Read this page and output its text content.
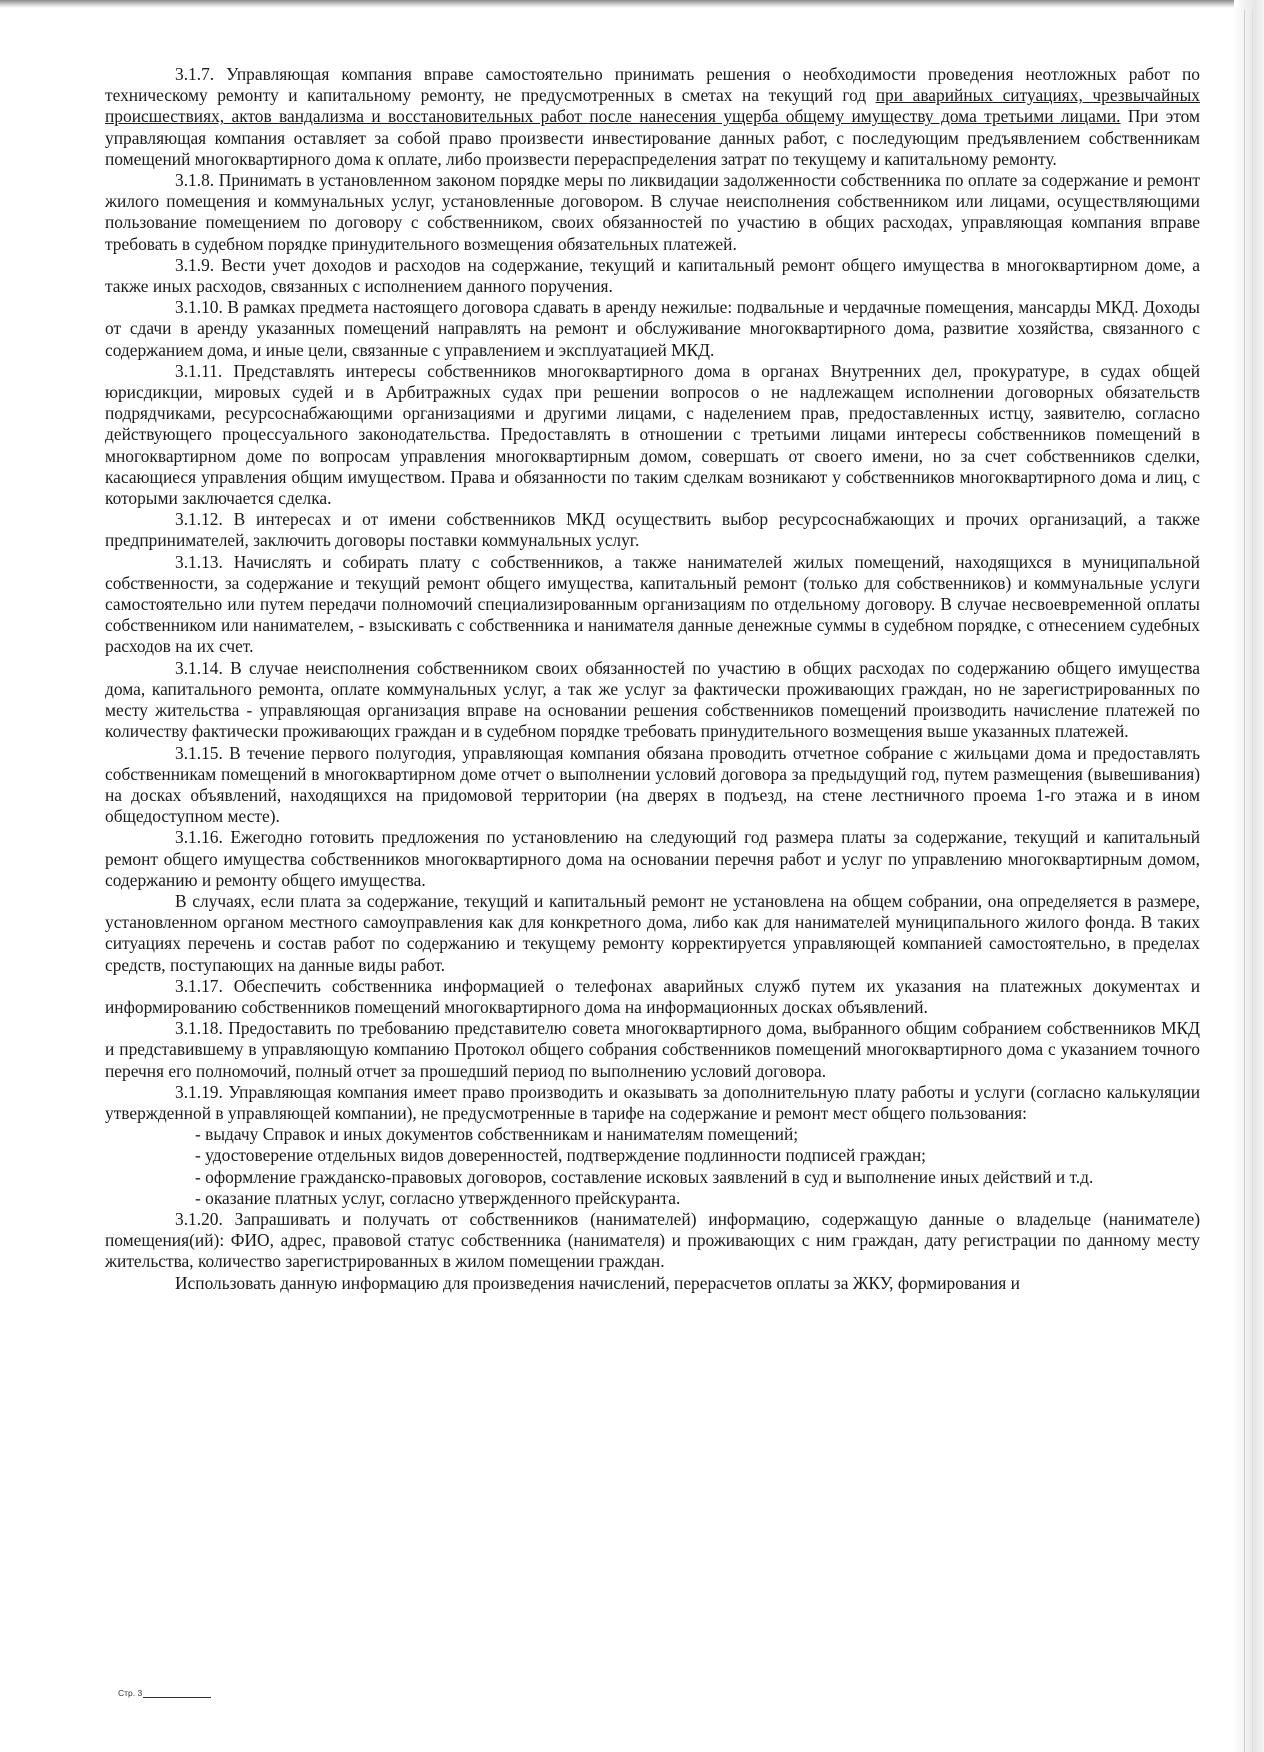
3.1.7. Управляющая компания вправе самостоятельно принимать решения о необходимости проведения неотложных работ по техническому ремонту и капитальному ремонту, не предусмотренных в сметах на текущий год при аварийных ситуациях, чрезвычайных происшествиях, актов вандализма и восстановительных работ после нанесения ущерба общему имуществу дома третьими лицами. При этом управляющая компания оставляет за собой право произвести инвестирование данных работ, с последующим предъявлением собственникам помещений многоквартирного дома к оплате, либо произвести перераспределения затрат по текущему и капитальному ремонту.

3.1.8. Принимать в установленном законом порядке меры по ликвидации задолженности собственника по оплате за содержание и ремонт жилого помещения и коммунальных услуг, установленные договором. В случае неисполнения собственником или лицами, осуществляющими пользование помещением по договору с собственником, своих обязанностей по участию в общих расходах, управляющая компания вправе требовать в судебном порядке принудительного возмещения обязательных платежей.

3.1.9. Вести учет доходов и расходов на содержание, текущий и капитальный ремонт общего имущества в многоквартирном доме, а также иных расходов, связанных с исполнением данного поручения.

3.1.10. В рамках предмета настоящего договора сдавать в аренду нежилые: подвальные и чердачные помещения, мансарды МКД. Доходы от сдачи в аренду указанных помещений направлять на ремонт и обслуживание многоквартирного дома, развитие хозяйства, связанного с содержанием дома, и иные цели, связанные с управлением и эксплуатацией МКД.

3.1.11. Представлять интересы собственников многоквартирного дома в органах Внутренних дел, прокуратуре, в судах общей юрисдикции, мировых судей и в Арбитражных судах при решении вопросов о не надлежащем исполнении договорных обязательств подрядчиками, ресурсоснабжающими организациями и другими лицами, с наделением прав, предоставленных истцу, заявителю, согласно действующего процессуального законодательства. Предоставлять в отношении с третьими лицами интересы собственников помещений в многоквартирном доме по вопросам управления многоквартирным домом, совершать от своего имени, но за счет собственников сделки, касающиеся управления общим имуществом. Права и обязанности по таким сделкам возникают у собственников многоквартирного дома и лиц, с которыми заключается сделка.

3.1.12. В интересах и от имени собственников МКД осуществить выбор ресурсоснабжающих и прочих организаций, а также предпринимателей, заключить договоры поставки коммунальных услуг.

3.1.13. Начислять и собирать плату с собственников, а также нанимателей жилых помещений, находящихся в муниципальной собственности, за содержание и текущий ремонт общего имущества, капитальный ремонт (только для собственников) и коммунальные услуги самостоятельно или путем передачи полномочий специализированным организациям по отдельному договору. В случае несвоевременной оплаты собственником или нанимателем, - взыскивать с собственника и нанимателя данные денежные суммы в судебном порядке, с отнесением судебных расходов на их счет.

3.1.14. В случае неисполнения собственником своих обязанностей по участию в общих расходах по содержанию общего имущества дома, капитального ремонта, оплате коммунальных услуг, а так же услуг за фактически проживающих граждан, но не зарегистрированных по месту жительства - управляющая организация вправе на основании решения собственников помещений производить начисление платежей по количеству фактически проживающих граждан и в судебном порядке требовать принудительного возмещения выше указанных платежей.

3.1.15. В течение первого полугодия, управляющая компания обязана проводить отчетное собрание с жильцами дома и предоставлять собственникам помещений в многоквартирном доме отчет о выполнении условий договора за предыдущий год, путем размещения (вывешивания) на досках объявлений, находящихся на придомовой территории (на дверях в подъезд, на стене лестничного проема 1-го этажа и в ином общедоступном месте).

3.1.16. Ежегодно готовить предложения по установлению на следующий год размера платы за содержание, текущий и капитальный ремонт общего имущества собственников многоквартирного дома на основании перечня работ и услуг по управлению многоквартирным домом, содержанию и ремонту общего имущества.

В случаях, если плата за содержание, текущий и капитальный ремонт не установлена на общем собрании, она определяется в размере, установленном органом местного самоуправления как для конкретного дома, либо как для нанимателей муниципального жилого фонда. В таких ситуациях перечень и состав работ по содержанию и текущему ремонту корректируется управляющей компанией самостоятельно, в пределах средств, поступающих на данные виды работ.

3.1.17. Обеспечить собственника информацией о телефонах аварийных служб путем их указания на платежных документах и информированию собственников помещений многоквартирного дома на информационных досках объявлений.

3.1.18. Предоставить по требованию представителю совета многоквартирного дома, выбранного общим собранием собственников МКД и представившему в управляющую компанию Протокол общего собрания собственников помещений многоквартирного дома с указанием точного перечня его полномочий, полный отчет за прошедший период по выполнению условий договора.

3.1.19. Управляющая компания имеет право производить и оказывать за дополнительную плату работы и услуги (согласно калькуляции утвержденной в управляющей компании), не предусмотренные в тарифе на содержание и ремонт мест общего пользования:

- выдачу Справок и иных документов собственникам и нанимателям помещений;

- удостоверение отдельных видов доверенностей, подтверждение подлинности подписей граждан;

- оформление гражданско-правовых договоров, составление исковых заявлений в суд и выполнение иных действий и т.д.

- оказание платных услуг, согласно утвержденного прейскуранта.

3.1.20. Запрашивать и получать от собственников (нанимателей) информацию, содержащую данные о владельце (нанимателе) помещения(ий): ФИО, адрес, правовой статус собственника (нанимателя) и проживающих с ним граждан, дату регистрации по данному месту жительства, количество зарегистрированных в жилом помещении граждан.

Использовать данную информацию для произведения начислений, перерасчетов оплаты за ЖКУ, формирования и

Стр. 3
